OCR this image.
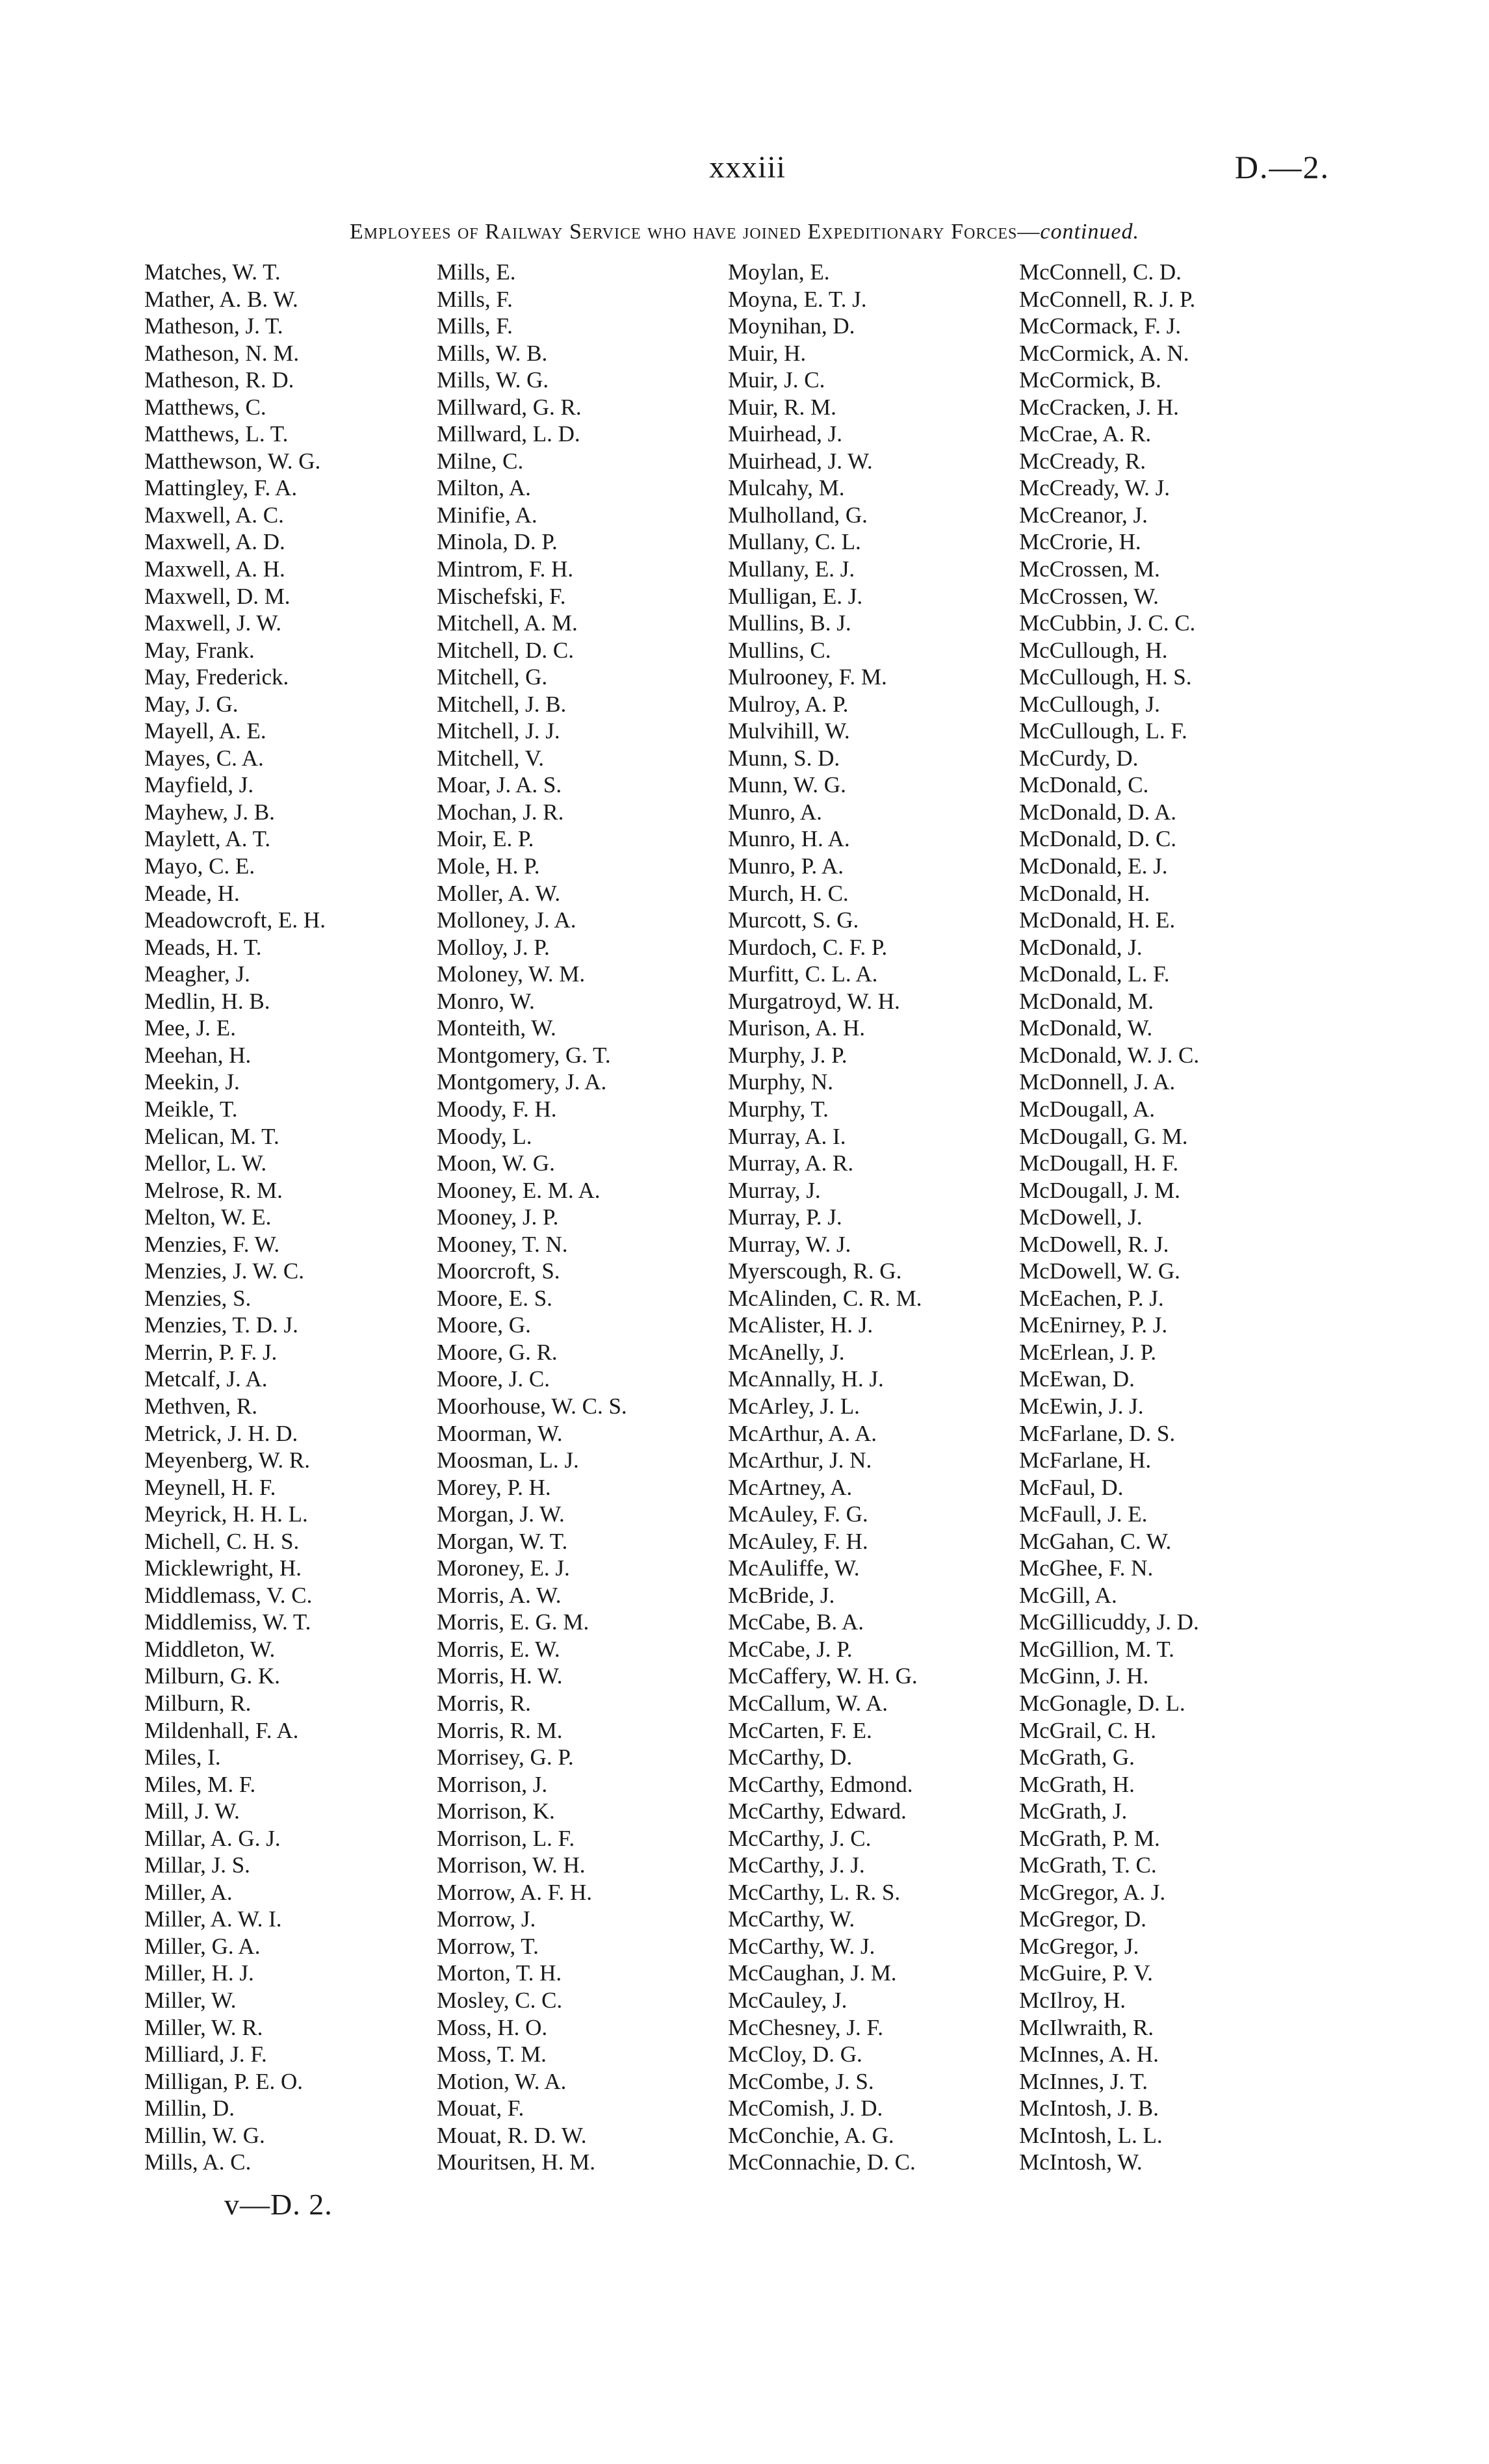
xxxiii	D.—2.
Employees of Railway Service who have joined Expeditionary Forces—continued.
Matches, W. T.
Mather, A. B. W.
Matheson, J. T.
Matheson, N. M.
Matheson, R. D.
Matthews, C.
Matthews, L. T.
Matthewson, W. G.
Mattingley, F. A.
Maxwell, A. C.
Maxwell, A. D.
Maxwell, A. H.
Maxwell, D. M.
Maxwell, J. W.
May, Frank.
May, Frederick.
May, J. G.
Mayell, A. E.
Mayes, C. A.
Mayfield, J.
Mayhew, J. B.
Maylett, A. T.
Mayo, C. E.
Meade, H.
Meadowcroft, E. H.
Meads, H. T.
Meagher, J.
Medlin, H. B.
Mee, J. E.
Meehan, H.
Meekin, J.
Meikle, T.
Melican, M. T.
Mellor, L. W.
Melrose, R. M.
Melton, W. E.
Menzies, F. W.
Menzies, J. W. C.
Menzies, S.
Menzies, T. D. J.
Merrin, P. F. J.
Metcalf, J. A.
Methven, R.
Metrick, J. H. D.
Meyenberg, W. R.
Meynell, H. F.
Meyrick, H. H. L.
Michell, C. H. S.
Micklewright, H.
Middlemass, V. C.
Middlemiss, W. T.
Middleton, W.
Milburn, G. K.
Milburn, R.
Mildenhall, F. A.
Miles, I.
Miles, M. F.
Mill, J. W.
Millar, A. G. J.
Millar, J. S.
Miller, A.
Miller, A. W. I.
Miller, G. A.
Miller, H. J.
Miller, W.
Miller, W. R.
Milliard, J. F.
Milligan, P. E. O.
Millin, D.
Millin, W. G.
Mills, A. C.
Mills, E.
Mills, F.
Mills, F.
Mills, W. B.
Mills, W. G.
Millward, G. R.
Millward, L. D.
Milne, C.
Milton, A.
Minifie, A.
Minola, D. P.
Mintrom, F. H.
Mischefski, F.
Mitchell, A. M.
Mitchell, D. C.
Mitchell, G.
Mitchell, J. B.
Mitchell, J. J.
Mitchell, V.
Moar, J. A. S.
Mochan, J. R.
Moir, E. P.
Mole, H. P.
Moller, A. W.
Molloney, J. A.
Molloy, J. P.
Moloney, W. M.
Monro, W.
Monteith, W.
Montgomery, G. T.
Montgomery, J. A.
Moody, F. H.
Moody, L.
Moon, W. G.
Mooney, E. M. A.
Mooney, J. P.
Mooney, T. N.
Moorcroft, S.
Moore, E. S.
Moore, G.
Moore, G. R.
Moore, J. C.
Moorhouse, W. C. S.
Moorman, W.
Moosman, L. J.
Morey, P. H.
Morgan, J. W.
Morgan, W. T.
Moroney, E. J.
Morris, A. W.
Morris, E. G. M.
Morris, E. W.
Morris, H. W.
Morris, R.
Morris, R. M.
Morrisey, G. P.
Morrison, J.
Morrison, K.
Morrison, L. F.
Morrison, W. H.
Morrow, A. F. H.
Morrow, J.
Morrow, T.
Morton, T. H.
Mosley, C. C.
Moss, H. O.
Moss, T. M.
Motion, W. A.
Mouat, F.
Mouat, R. D. W.
Mouritsen, H. M.
Moylan, E.
Moyna, E. T. J.
Moynihan, D.
Muir, H.
Muir, J. C.
Muir, R. M.
Muirhead, J.
Muirhead, J. W.
Mulcahy, M.
Mulholland, G.
Mullany, C. L.
Mullany, E. J.
Mulligan, E. J.
Mullins, B. J.
Mullins, C.
Mulrooney, F. M.
Mulroy, A. P.
Mulvihill, W.
Munn, S. D.
Munn, W. G.
Munro, A.
Munro, H. A.
Munro, P. A.
Murch, H. C.
Murcott, S. G.
Murdoch, C. F. P.
Murfitt, C. L. A.
Murgatroyd, W. H.
Murison, A. H.
Murphy, J. P.
Murphy, N.
Murphy, T.
Murray, A. I.
Murray, A. R.
Murray, J.
Murray, P. J.
Murray, W. J.
Myerscough, R. G.
McAlinden, C. R. M.
McAlister, H. J.
McAnelly, J.
McAnnally, H. J.
McArley, J. L.
McArthur, A. A.
McArthur, J. N.
McArtney, A.
McAuley, F. G.
McAuley, F. H.
McAuliffe, W.
McBride, J.
McCabe, B. A.
McCabe, J. P.
McCaffery, W. H. G.
McCallum, W. A.
McCarten, F. E.
McCarthy, D.
McCarthy, Edmond.
McCarthy, Edward.
McCarthy, J. C.
McCarthy, J. J.
McCarthy, L. R. S.
McCarthy, W.
McCarthy, W. J.
McCaughan, J. M.
McCauley, J.
McChesney, J. F.
McCloy, D. G.
McCombe, J. S.
McComish, J. D.
McConchie, A. G.
McConnachie, D. C.
McConnell, C. D.
McConnell, R. J. P.
McCormack, F. J.
McCormick, A. N.
McCormick, B.
McCracken, J. H.
McCrae, A. R.
McCready, R.
McCready, W. J.
McCreanor, J.
McCrorie, H.
McCrossen, M.
McCrossen, W.
McCubbin, J. C. C.
McCullough, H.
McCullough, H. S.
McCullough, J.
McCullough, L. F.
McCurdy, D.
McDonald, C.
McDonald, D. A.
McDonald, D. C.
McDonald, E. J.
McDonald, H.
McDonald, H. E.
McDonald, J.
McDonald, L. F.
McDonald, M.
McDonald, W.
McDonald, W. J. C.
McDonnell, J. A.
McDougall, A.
McDougall, G. M.
McDougall, H. F.
McDougall, J. M.
McDowell, J.
McDowell, R. J.
McDowell, W. G.
McEachen, P. J.
McEnirney, P. J.
McErlean, J. P.
McEwan, D.
McEwin, J. J.
McFarlane, D. S.
McFarlane, H.
McFaul, D.
McFaull, J. E.
McGahan, C. W.
McGhee, F. N.
McGill, A.
McGillicuddy, J. D.
McGillion, M. T.
McGinn, J. H.
McGonagle, D. L.
McGrail, C. H.
McGrath, G.
McGrath, H.
McGrath, J.
McGrath, P. M.
McGrath, T. C.
McGregor, A. J.
McGregor, D.
McGregor, J.
McGuire, P. V.
McIlroy, H.
McIlwraith, R.
McInnes, A. H.
McInnes, J. T.
McIntosh, J. B.
McIntosh, L. L.
McIntosh, W.
v—D. 2.
